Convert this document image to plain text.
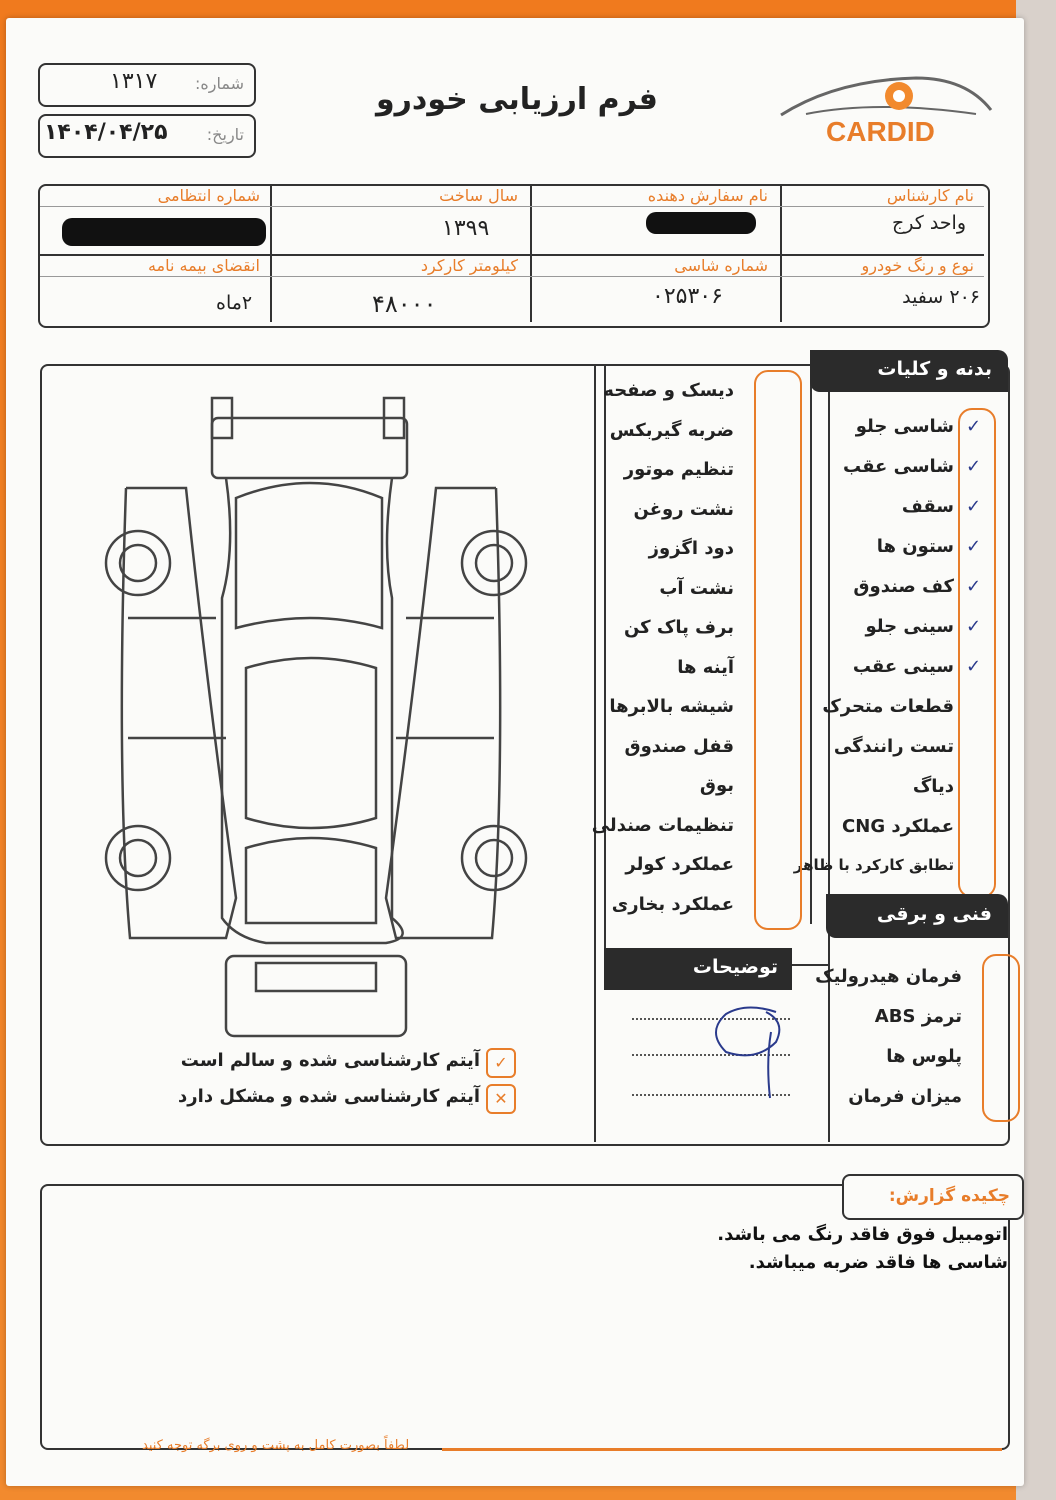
شماره:
۱۳۱۷
تاریخ:
۱۴۰۴/۰۴/۲۵
فرم ارزیابی خودرو
CARDID
نام کارشناس
واحد کرج
نام سفارش دهنده
سال ساخت
۱۳۹۹
شماره انتظامی
نوع و رنگ خودرو
۲۰۶ سفید
شماره شاسی
۰۲۵۳۰۶
کیلومتر کارکرد
۴۸۰۰۰
انقضای بیمه نامه
۲ماه
✓
آیتم کارشناسی شده و سالم است
✕
آیتم کارشناسی شده و مشکل دارد
بدنه و کلیات
شاسی جلو ✓
شاسی عقب ✓
سقف ✓
ستون ها ✓
کف صندوق ✓
سینی جلو ✓
سینی عقب ✓
قطعات متحرک
تست رانندگی
دیاگ
عملکرد CNG
تطابق کارکرد با ظاهر
دیسک و صفحه
ضربه گیربکس
تنظیم موتور
نشت روغن
دود اگزوز
نشت آب
برف پاک کن
آینه ها
شیشه بالابرها
قفل صندوق
بوق
تنظیمات صندلی
عملکرد کولر
عملکرد بخاری	فنی و برقی
فرمان هیدرولیک
ترمز ABS
پلوس ها
میزان فرمان
توضیحات
چکیده گزارش:
اتومبیل فوق فاقد رنگ می باشد.
شاسی ها فاقد ضربه میباشد.
لطفاً بصورت کامل به پشت و روی برگه توجه کنید
